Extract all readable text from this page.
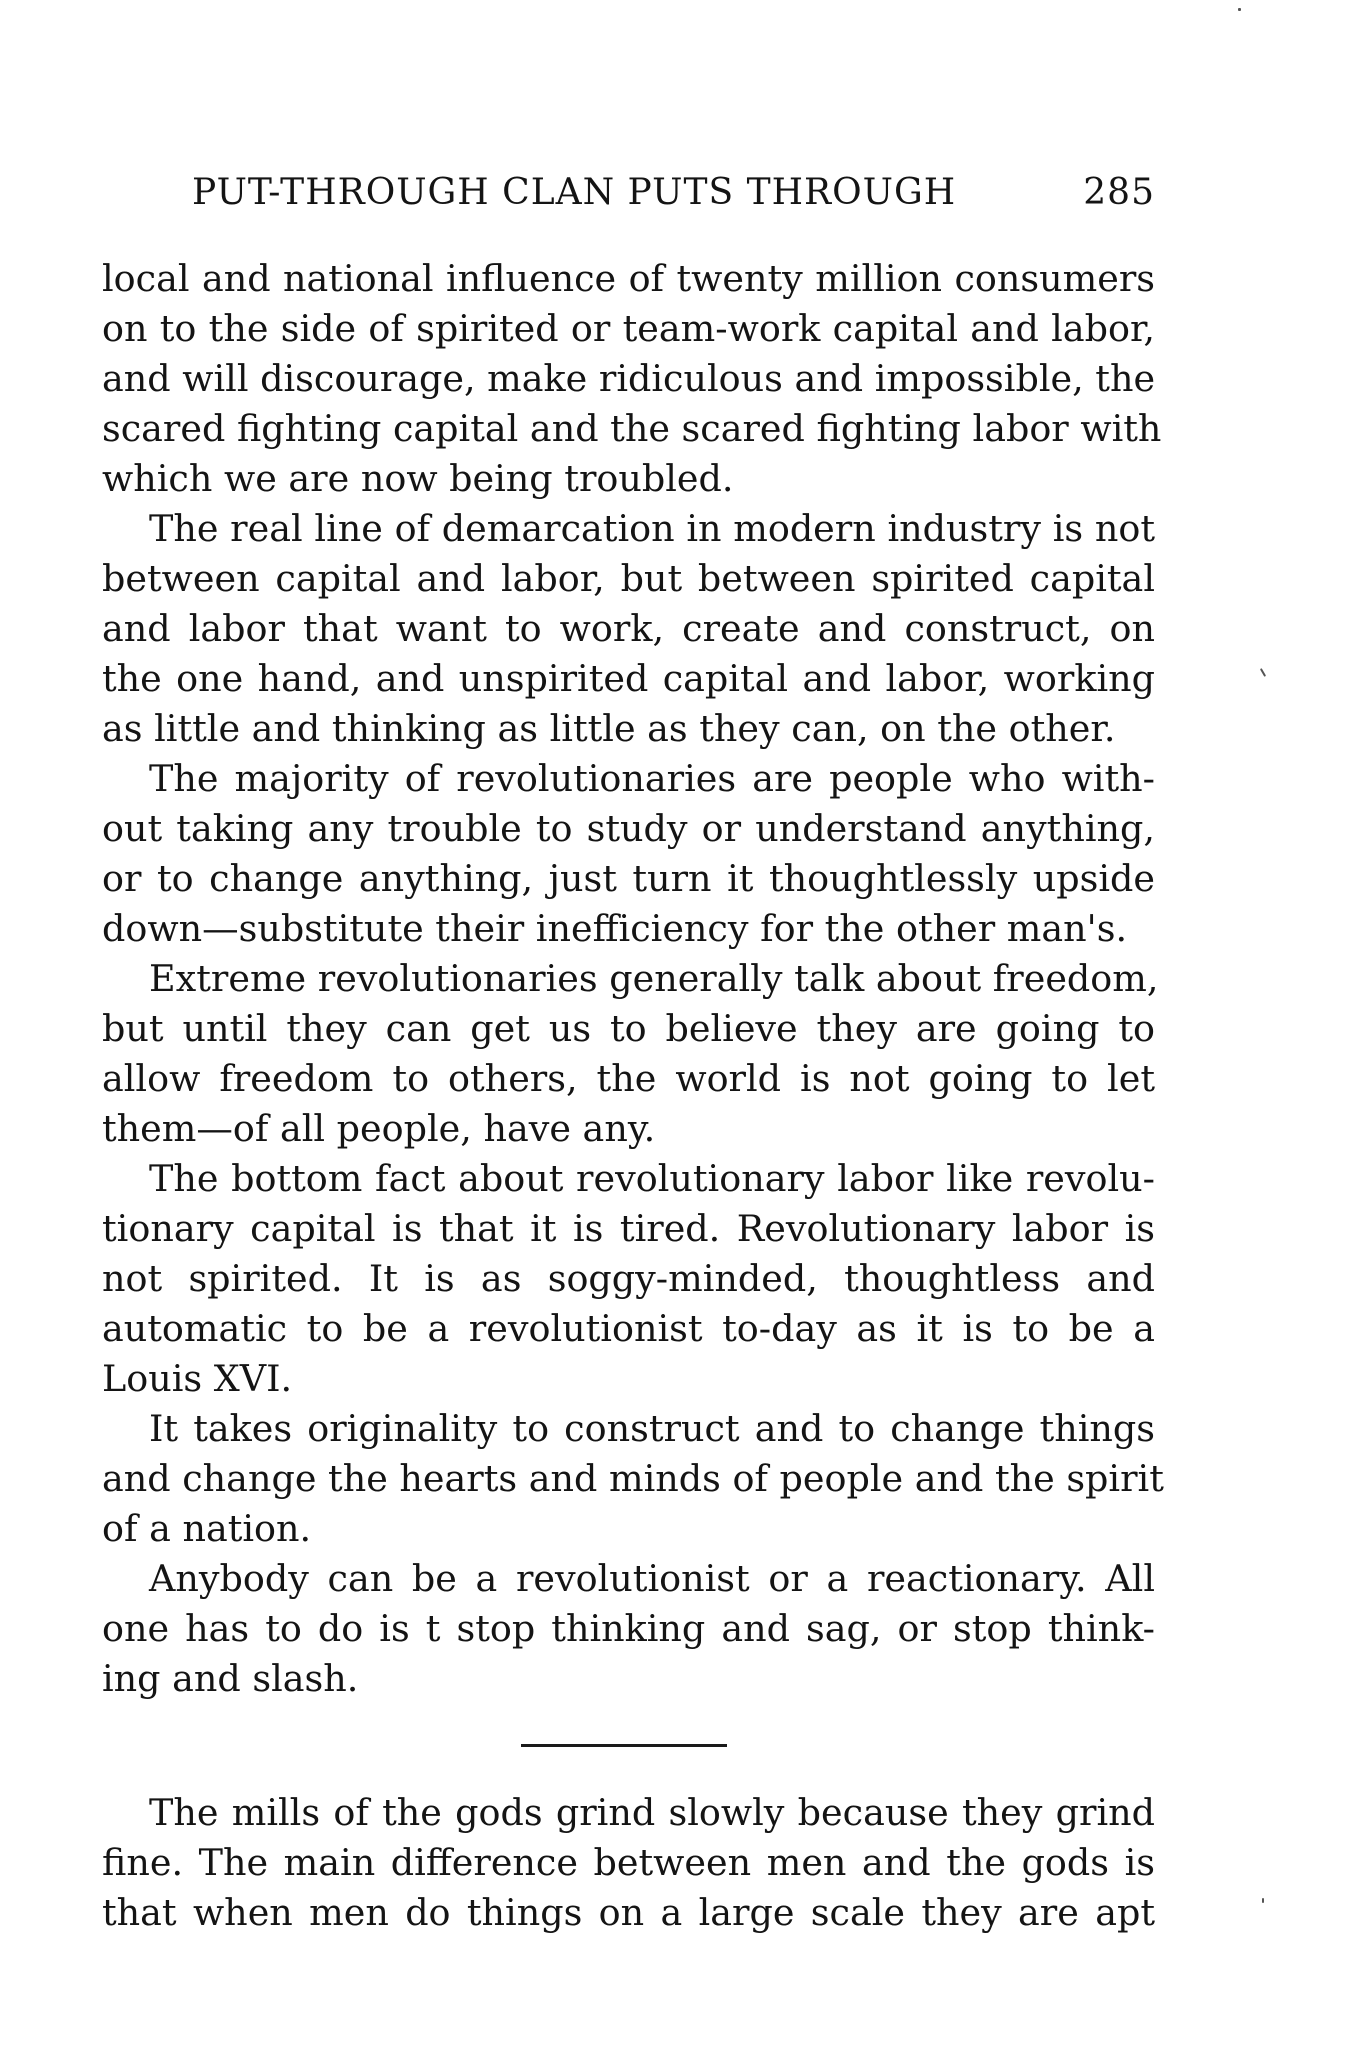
PUT-THROUGH CLAN PUTS THROUGH	285
local and national influence of twenty million consumers
on to the side of spirited or team-work capital and labor,
and will discourage, make ridiculous and impossible, the
scared fighting capital and the scared fighting labor with
which we are now being troubled.
The real line of demarcation in modern industry is not
between capital and labor, but between spirited capital
and labor that want to work, create and construct, on
the one hand, and unspirited capital and labor, working
as little and thinking as little as they can, on the other.
The majority of revolutionaries are people who with-
out taking any trouble to study or understand anything,
or to change anything, just turn it thoughtlessly upside
down—substitute their inefficiency for the other man's.
Extreme revolutionaries generally talk about freedom,
but until they can get us to believe they are going to
allow freedom to others, the world is not going to let
them—of all people, have any.
The bottom fact about revolutionary labor like revolu-
tionary capital is that it is tired. Revolutionary labor is
not spirited. It is as soggy-minded, thoughtless and
automatic to be a revolutionist to-day as it is to be a
Louis XVI.
It takes originality to construct and to change things
and change the hearts and minds of people and the spirit
of a nation.
Anybody can be a revolutionist or a reactionary. All
one has to do is t stop thinking and sag, or stop think-
ing and slash.
The mills of the gods grind slowly because they grind
fine. The main difference between men and the gods is
that when men do things on a large scale they are apt
